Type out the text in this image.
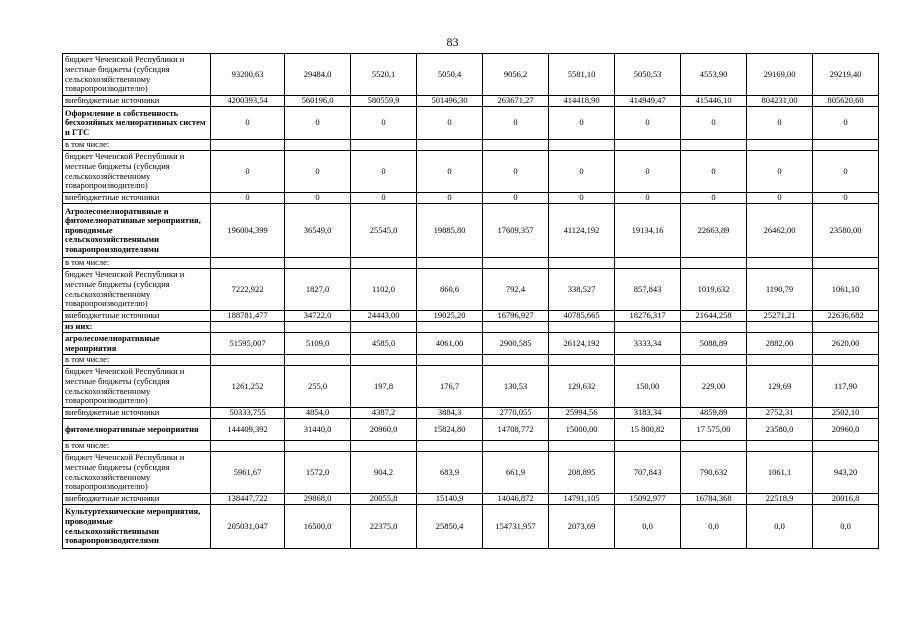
83
бюджет Чеченской Республики и местные бюджеты (субсидия сельскохозяйственному товаропроизводителю)	93200,63	29484,0	5520,1	5050,4	9056,2	5581,10	5050,53	4553,90	29169,00	29219,40
внебюджетные источники	4200393,54	560196,0	580559,9	501496,30	263671,27	414418,90	414949,47	415446,10	804231,00	805620,60
Оформление в собственность бесхозяйных мелиоративных систем и ГТС	0	0	0	0	0	0	0	0	0	0
в том числе:										
бюджет Чеченской Республики и местные бюджеты (субсидия сельскохозяйственному товаропроизводителю)	0	0	0	0	0	0	0	0	0	0
внебюджетные источники	0	0	0	0	0	0	0	0	0	0
Агролесомелиоративные и фитомелиоративные мероприятия, проводимые сельскохозяйственными товаропроизводителями	196004,399	36549,0	25545,0	19885,80	17609,357	41124,192	19134,16	22663,89	26462,00	23580,00
в том числе:										
бюджет Чеченской Республики и местные бюджеты (субсидия сельскохозяйственному товаропроизводителю)	7222,922	1827,0	1102,0	860,6	792,4	338,527	857,843	1019,632	1190,79	1061,10
внебюджетные источники	188781,477	34722,0	24443,00	19025,20	16796,927	40785,665	18276,317	21644,258	25271,21	22636,682
из них:										
агролесомелиоративные мероприятия	51595,007	5109,0	4585,0	4061,00	2900,585	26124,192	3333,34	5088,89	2882,00	2620,00
в том числе:										
бюджет Чеченской Республики и местные бюджеты (субсидия сельскохозяйственному товаропроизводителю)	1261,252	255,0	197,8	176,7	130,53	129,632	150,00	229,00	129,69	117,90
внебюджетные источники	50333,755	4854,0	4387,2	3884,3	2770,055	25994,56	3183,34	4859,89	2752,31	2502,10
фитомелиоративные мероприятия	144409,392	31440,0	20960,0	15824,80	14708,772	15000,00	15 800,82	17 575,00	23580,0	20960,0
в том числе:										
бюджет Чеченской Республики и местные бюджеты (субсидия сельскохозяйственному товаропроизводителю)	5961,67	1572,0	904,2	683,9	661,9	208,895	707,843	790,632	1061,1	943,20
внебюджетные источники	138447,722	29868,0	20055,8	15140,9	14046,872	14791,105	15092,977	16784,368	22518,9	20016,8
Культуртехнические мероприятия, проводимые сельскохозяйственными товаропроизводителями	205031,047	16500,0	22375,0	25850,4	154731,957	2073,69	0,0	0,0	0,0	0,0
